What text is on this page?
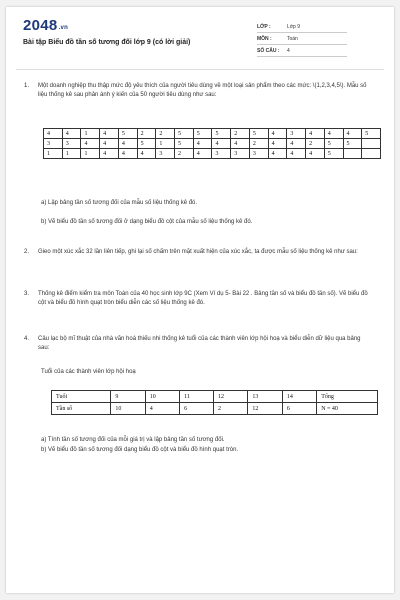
$2048_{.vn}$
Bài tập Biểu đồ tần số tương đối lớp 9 (có lời giải)
LỚP :	Lớp 9
MÔN :	Toán
SỐ CÂU : 4
1. Một doanh nghiệp thu thập mức độ yêu thích của người tiêu dùng về một loại sản phẩm theo các mức: \(1,2,3,4,5\). Mẫu số liệu thống kê sau phản ánh ý kiến của 50 người tiêu dùng như sau:
4	4	1	4	5	2	2	5	5	5	2	5	4	3	4	4	4	5
3	3	4	4	4	5	1	5	4	4	4	2	4	4	2	5	5	
1	1	1	4	4	4	3	2	4	3	3	3	4	4	4	5		
a) Lập bảng tần số tương đối của mẫu số liệu thống kê đó.
b) Vẽ biểu đồ tần số tương đối ở dạng biểu đồ cột của mẫu số liệu thống kê đó.
2. Gieo một xúc xắc 32 lần liên tiếp, ghi lại số chấm trên mặt xuất hiện của xúc xắc, ta được mẫu số liệu thống kê như sau:
3. Thống kê điểm kiểm tra môn Toán của 40 học sinh lớp 9C (Xem Ví dụ 5- Bài 22 . Bảng tần số và biểu đồ tần số). Vẽ biểu đồ cột và biểu đồ hình quạt tròn biểu diễn các số liệu thống kê đó.
4. Câu lạc bộ mĩ thuật của nhà văn hoá thiếu nhi thống kê tuổi của các thành viên lớp hội hoạ và biểu diễn dữ liệu qua bảng sau:
Tuổi của các thành viên lớp hội hoạ
Tuổi	9	10	11	12	13	14	Tổng
Tần số	10	4	6	2	12	6	N = 40
a) Tính tần số tương đối của mỗi giá trị và lập bảng tần số tương đối.
b) Vẽ biểu đồ tần số tương đối dạng biểu đồ cột và biểu đồ hình quạt tròn.
